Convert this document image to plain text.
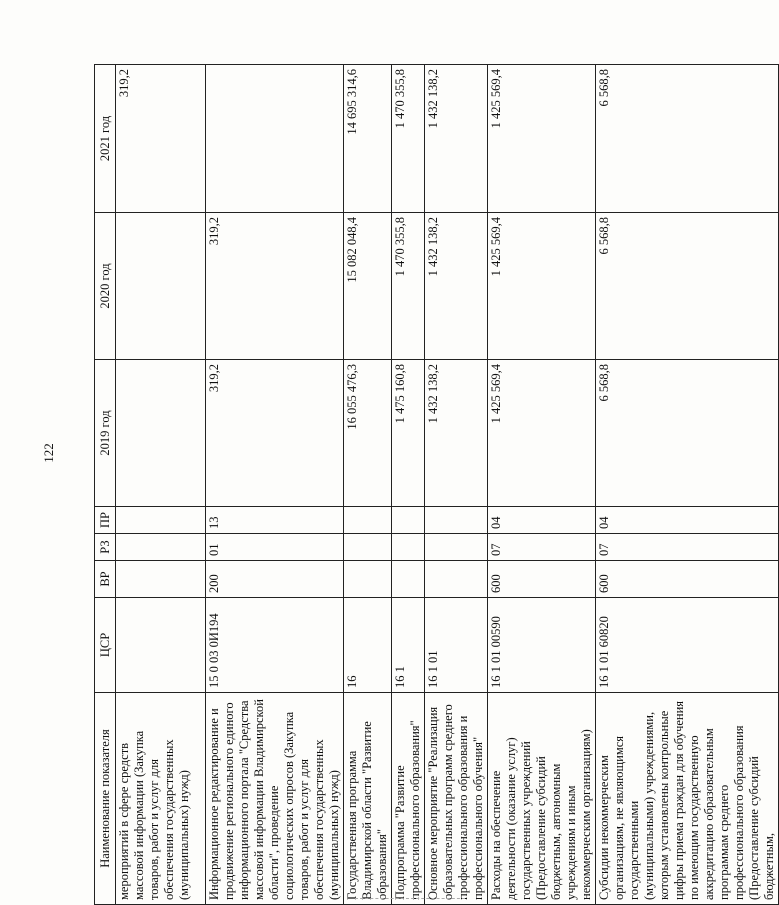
122
Наименование показателя	ЦСР	ВР	РЗ	ПР	2019 год	2020 год	2021 год
мероприятий в сфере средств массовой информации (Закупка товаров, работ и услуг для обеспечения государственных (муниципальных) нужд)							319,2
Информационное редактирование и продвижение регионального единого информационного портала "Средства массовой информации Владимирской области", проведение социологических опросов (Закупка товаров, работ и услуг для обеспечения государственных (муниципальных) нужд)	15 0 03 0И194	200	01	13	319,2	319,2	
Государственная программа Владимирской области "Развитие образования"	16				16 055 476,3	15 082 048,4	14 695 314,6
Подпрограмма "Развитие профессионального образования"	16 1				1 475 160,8	1 470 355,8	1 470 355,8
Основное мероприятие "Реализация образовательных программ среднего профессионального образования и профессионального обучения"	16 1 01				1 432 138,2	1 432 138,2	1 432 138,2
Расходы на обеспечение деятельности (оказание услуг) государственных учреждений (Предоставление субсидий бюджетным, автономным учреждениям и иным некоммерческим организациям)	16 1 01 00590	600	07	04	1 425 569,4	1 425 569,4	1 425 569,4
Субсидии некоммерческим организациям, не являющимся государственными (муниципальными) учреждениями, которым установлены контрольные цифры приема граждан для обучения по имеющим государственную аккредитацию образовательным программам среднего профессионального образования (Предоставление субсидий бюджетным,	16 1 01 60820	600	07	04	6 568,8	6 568,8	6 568,8
